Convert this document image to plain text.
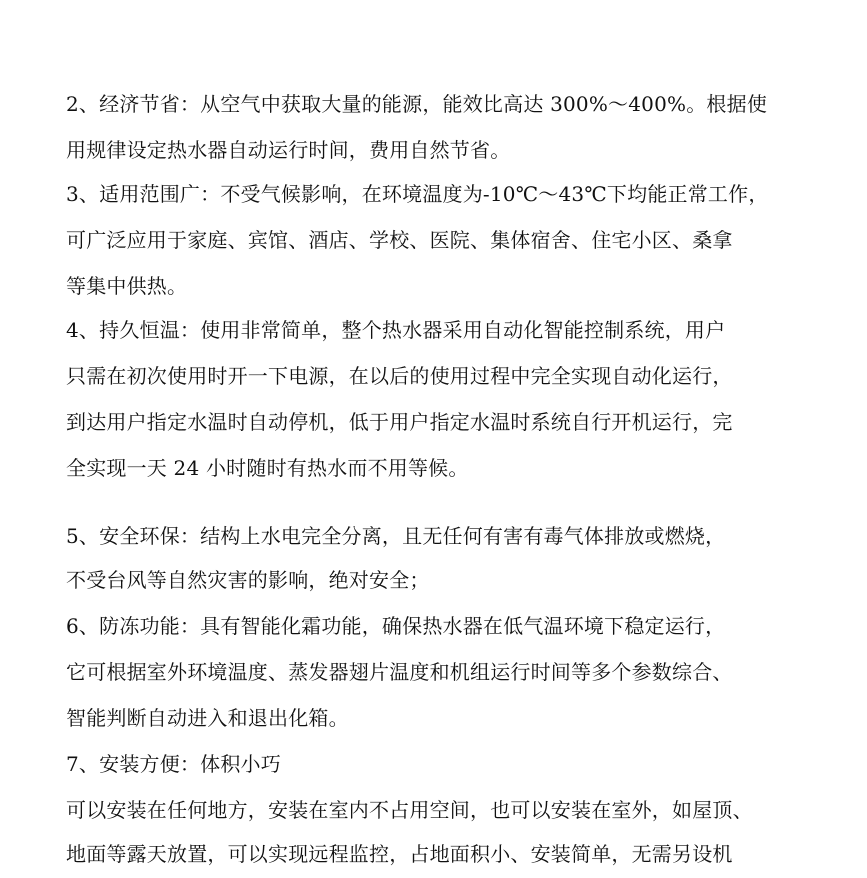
2、经济节省：从空气中获取大量的能源，能效比高达 300%～400%。根据使
用规律设定热水器自动运行时间，费用自然节省。
3、适用范围广：不受气候影响，在环境温度为-10℃～43℃下均能正常工作，
可广泛应用于家庭、宾馆、酒店、学校、医院、集体宿舍、住宅小区、桑拿
等集中供热。
4、持久恒温：使用非常简单，整个热水器采用自动化智能控制系统，用户
只需在初次使用时开一下电源，在以后的使用过程中完全实现自动化运行，
到达用户指定水温时自动停机，低于用户指定水温时系统自行开机运行，完
全实现一天 24 小时随时有热水而不用等候。
5、安全环保：结构上水电完全分离，且无任何有害有毒气体排放或燃烧，
不受台风等自然灾害的影响，绝对安全；
6、防冻功能：具有智能化霜功能，确保热水器在低气温环境下稳定运行，
它可根据室外环境温度、蒸发器翅片温度和机组运行时间等多个参数综合、
智能判断自动进入和退出化箱。
7、安装方便：体积小巧
可以安装在任何地方，安装在室内不占用空间，也可以安装在室外，如屋顶、
地面等露天放置，可以实现远程监控，占地面积小、安装简单，无需另设机
